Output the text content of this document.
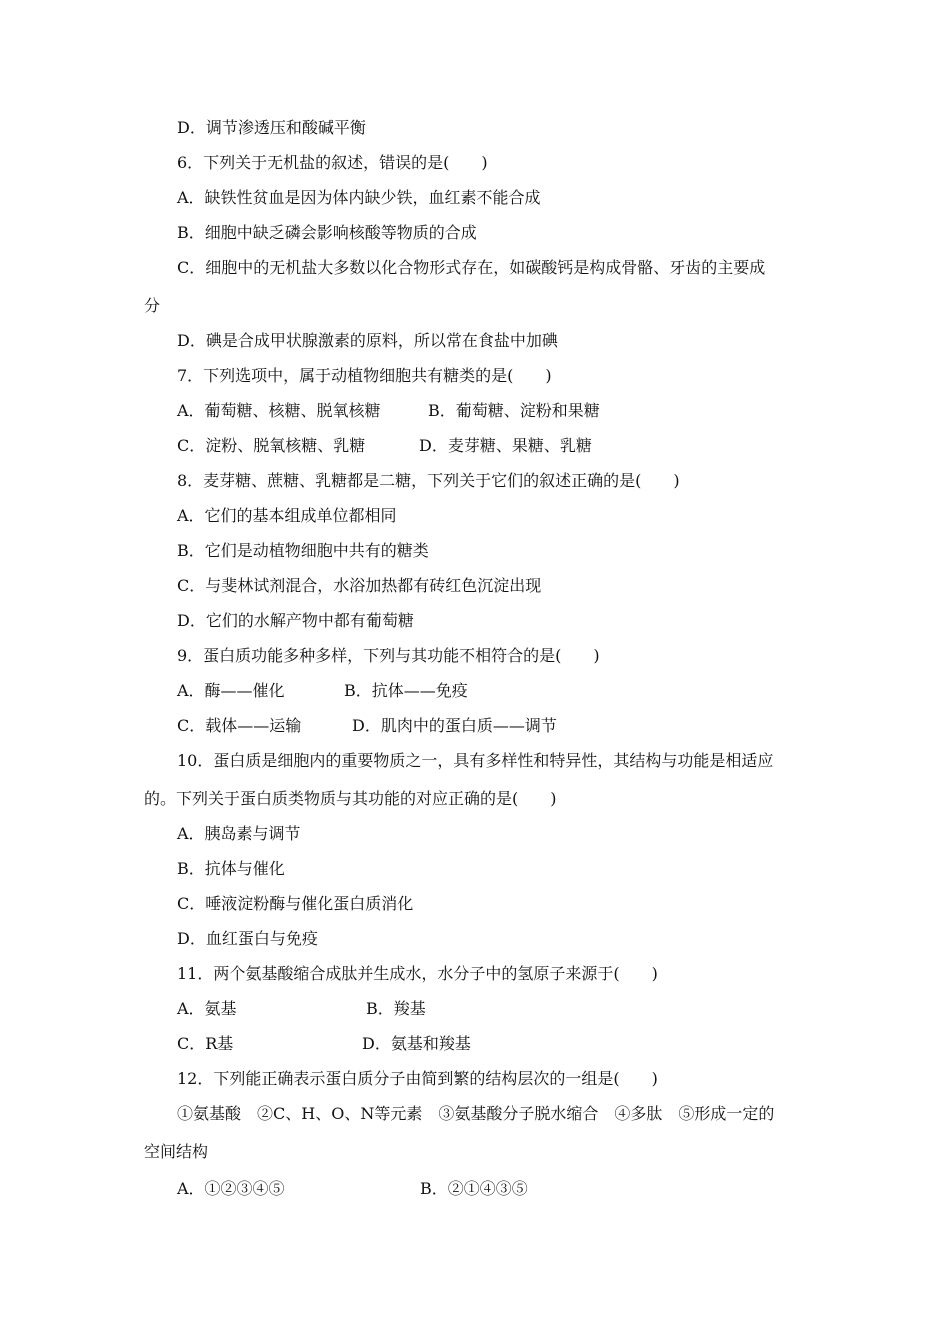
D．调节渗透压和酸碱平衡
6．下列关于无机盐的叙述，错误的是(　　)
A．缺铁性贫血是因为体内缺少铁，血红素不能合成
B．细胞中缺乏磷会影响核酸等物质的合成
C．细胞中的无机盐大多数以化合物形式存在，如碳酸钙是构成骨骼、牙齿的主要成
分
D．碘是合成甲状腺激素的原料，所以常在食盐中加碘
7．下列选项中，属于动植物细胞共有糖类的是(　　)
A．葡萄糖、核糖、脱氧核糖	B．葡萄糖、淀粉和果糖
C．淀粉、脱氧核糖、乳糖	D．麦芽糖、果糖、乳糖
8．麦芽糖、蔗糖、乳糖都是二糖，下列关于它们的叙述正确的是(　　)
A．它们的基本组成单位都相同
B．它们是动植物细胞中共有的糖类
C．与斐林试剂混合，水浴加热都有砖红色沉淀出现
D．它们的水解产物中都有葡萄糖
9．蛋白质功能多种多样，下列与其功能不相符合的是(　　)
A．酶——催化	B．抗体——免疫
C．载体——运输	D．肌肉中的蛋白质——调节
10．蛋白质是细胞内的重要物质之一，具有多样性和特异性，其结构与功能是相适应
的。下列关于蛋白质类物质与其功能的对应正确的是(　　)
A．胰岛素与调节
B．抗体与催化
C．唾液淀粉酶与催化蛋白质消化
D．血红蛋白与免疫
11．两个氨基酸缩合成肽并生成水，水分子中的氢原子来源于(　　)
A．氨基	B．羧基
C．R基	D．氨基和羧基
12．下列能正确表示蛋白质分子由简到繁的结构层次的一组是(　　)
①氨基酸　②C、H、O、N等元素　③氨基酸分子脱水缩合　④多肽　⑤形成一定的
空间结构
A．①②③④⑤	B．②①④③⑤
